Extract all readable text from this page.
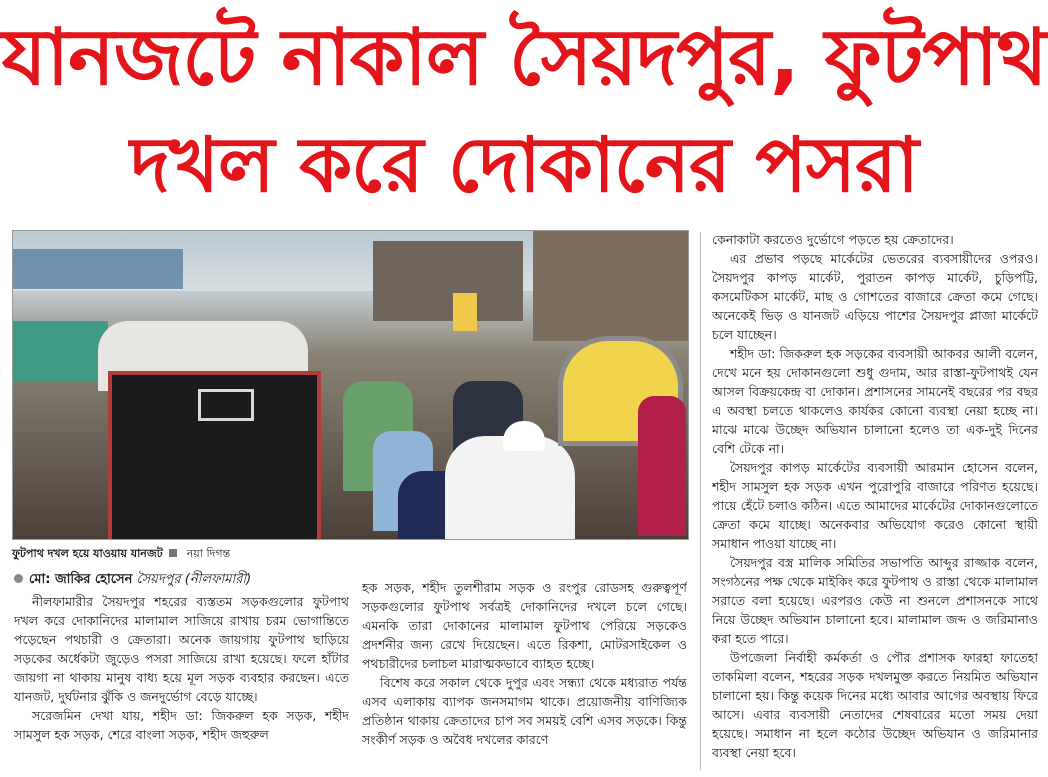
যানজটে নাকাল সৈয়দপুর, ফুটপাথ
দখল করে দোকানের পসরা
ফুটপাথ দখল হয়ে যাওয়ায় যানজট নয়া দিগন্ত
মো: জাকির হোসেন সৈয়দপুর (নীলফামারী)

নীলফামারীর সৈয়দপুর শহরের ব্যস্ততম সড়কগুলোর ফুটপাথ দখল করে দোকানিদের মালামাল সাজিয়ে রাখায় চরম ভোগান্তিতে পড়েছেন পথচারী ও ক্রেতারা। অনেক জায়গায় ফুটপাথ ছাড়িয়ে সড়কের অর্ধেকটা জুড়েও পসরা সাজিয়ে রাখা হয়েছে। ফলে হাঁটার জায়গা না থাকায় মানুষ বাধ্য হয়ে মূল সড়ক ব্যবহার করছেন। এতে যানজট, দুর্ঘটনার ঝুঁকি ও জনদুর্ভোগ বেড়ে যাচ্ছে।

সরেজমিন দেখা যায়, শহীদ ডা: জিকরুল হক সড়ক, শহীদ সামসুল হক সড়ক, শেরে বাংলা সড়ক, শহীদ জহুরুল

হক সড়ক, শহীদ তুলশীরাম সড়ক ও রংপুর রোডসহ গুরুত্বপূর্ণ সড়কগুলোর ফুটপাথ সর্বত্রই দোকানিদের দখলে চলে গেছে। এমনকি তারা দোকানের মালামাল ফুটপাথ পেরিয়ে সড়কেও প্রদর্শনীর জন্য রেখে দিয়েছেন। এতে রিকশা, মোটরসাইকেল ও পথচারীদের চলাচল মারাত্মকভাবে ব্যাহত হচ্ছে।

বিশেষ করে সকাল থেকে দুপুর এবং সন্ধ্যা থেকে মধ্যরাত পর্যন্ত এসব এলাকায় ব্যাপক জনসমাগম থাকে। প্রয়োজনীয় বাণিজ্যিক প্রতিষ্ঠান থাকায় ক্রেতাদের চাপ সব সময়ই বেশি এসব সড়কে। কিন্তু সংকীর্ণ সড়ক ও অবৈধ দখলের কারণে

কেনাকাটা করতেও দুর্ভোগে পড়তে হয় ক্রেতাদের।

এর প্রভাব পড়ছে মার্কেটের ভেতরের ব্যবসায়ীদের ওপরও। সৈয়দপুর কাপড় মার্কেট, পুরাতন কাপড় মার্কেট, চুড়িপট্টি, কসমেটিকস মার্কেট, মাছ ও গোশতের বাজারে ক্রেতা কমে গেছে। অনেকেই ভিড় ও যানজট এড়িয়ে পাশের সৈয়দপুর প্লাজা মার্কেটে চলে যাচ্ছেন।

শহীদ ডা: জিকরুল হক সড়কের ব্যবসায়ী আকবর আলী বলেন, দেখে মনে হয় দোকানগুলো শুধু গুদাম, আর রাস্তা-ফুটপাথই যেন আসল বিক্রয়কেন্দ্র বা দোকান। প্রশাসনের সামনেই বছরের পর বছর এ অবস্থা চলতে থাকলেও কার্যকর কোনো ব্যবস্থা নেয়া হচ্ছে না। মাঝে মাঝে উচ্ছেদ অভিযান চালানো হলেও তা এক-দুই দিনের বেশি টেকে না।

সৈয়দপুর কাপড় মার্কেটের ব্যবসায়ী আরমান হোসেন বলেন, শহীদ সামসুল হক সড়ক এখন পুরোপুরি বাজারে পরিণত হয়েছে। পায়ে হেঁটে চলাও কঠিন। এতে আমাদের মার্কেটের দোকানগুলোতে ক্রেতা কমে যাচ্ছে। অনেকবার অভিযোগ করেও কোনো স্থায়ী সমাধান পাওয়া যাচ্ছে না।

সৈয়দপুর বস্ত্র মালিক সমিতির সভাপতি আব্দুর রাজ্জাক বলেন, সংগঠনের পক্ষ থেকে মাইকিং করে ফুটপাথ ও রাস্তা থেকে মালামাল সরাতে বলা হয়েছে। এরপরও কেউ না শুনলে প্রশাসনকে সাথে নিয়ে উচ্ছেদ অভিযান চালানো হবে। মালামাল জব্দ ও জরিমানাও করা হতে পারে।

উপজেলা নির্বাহী কর্মকর্তা ও পৌর প্রশাসক ফারহা ফাতেহা তাকমিলা বলেন, শহরের সড়ক দখলমুক্ত করতে নিয়মিত অভিযান চালানো হয়। কিন্তু কয়েক দিনের মধ্যে আবার আগের অবস্থায় ফিরে আসে। এবার ব্যবসায়ী নেতাদের শেষবারের মতো সময় দেয়া হয়েছে। সমাধান না হলে কঠোর উচ্ছেদ অভিযান ও জরিমানার ব্যবস্থা নেয়া হবে।
